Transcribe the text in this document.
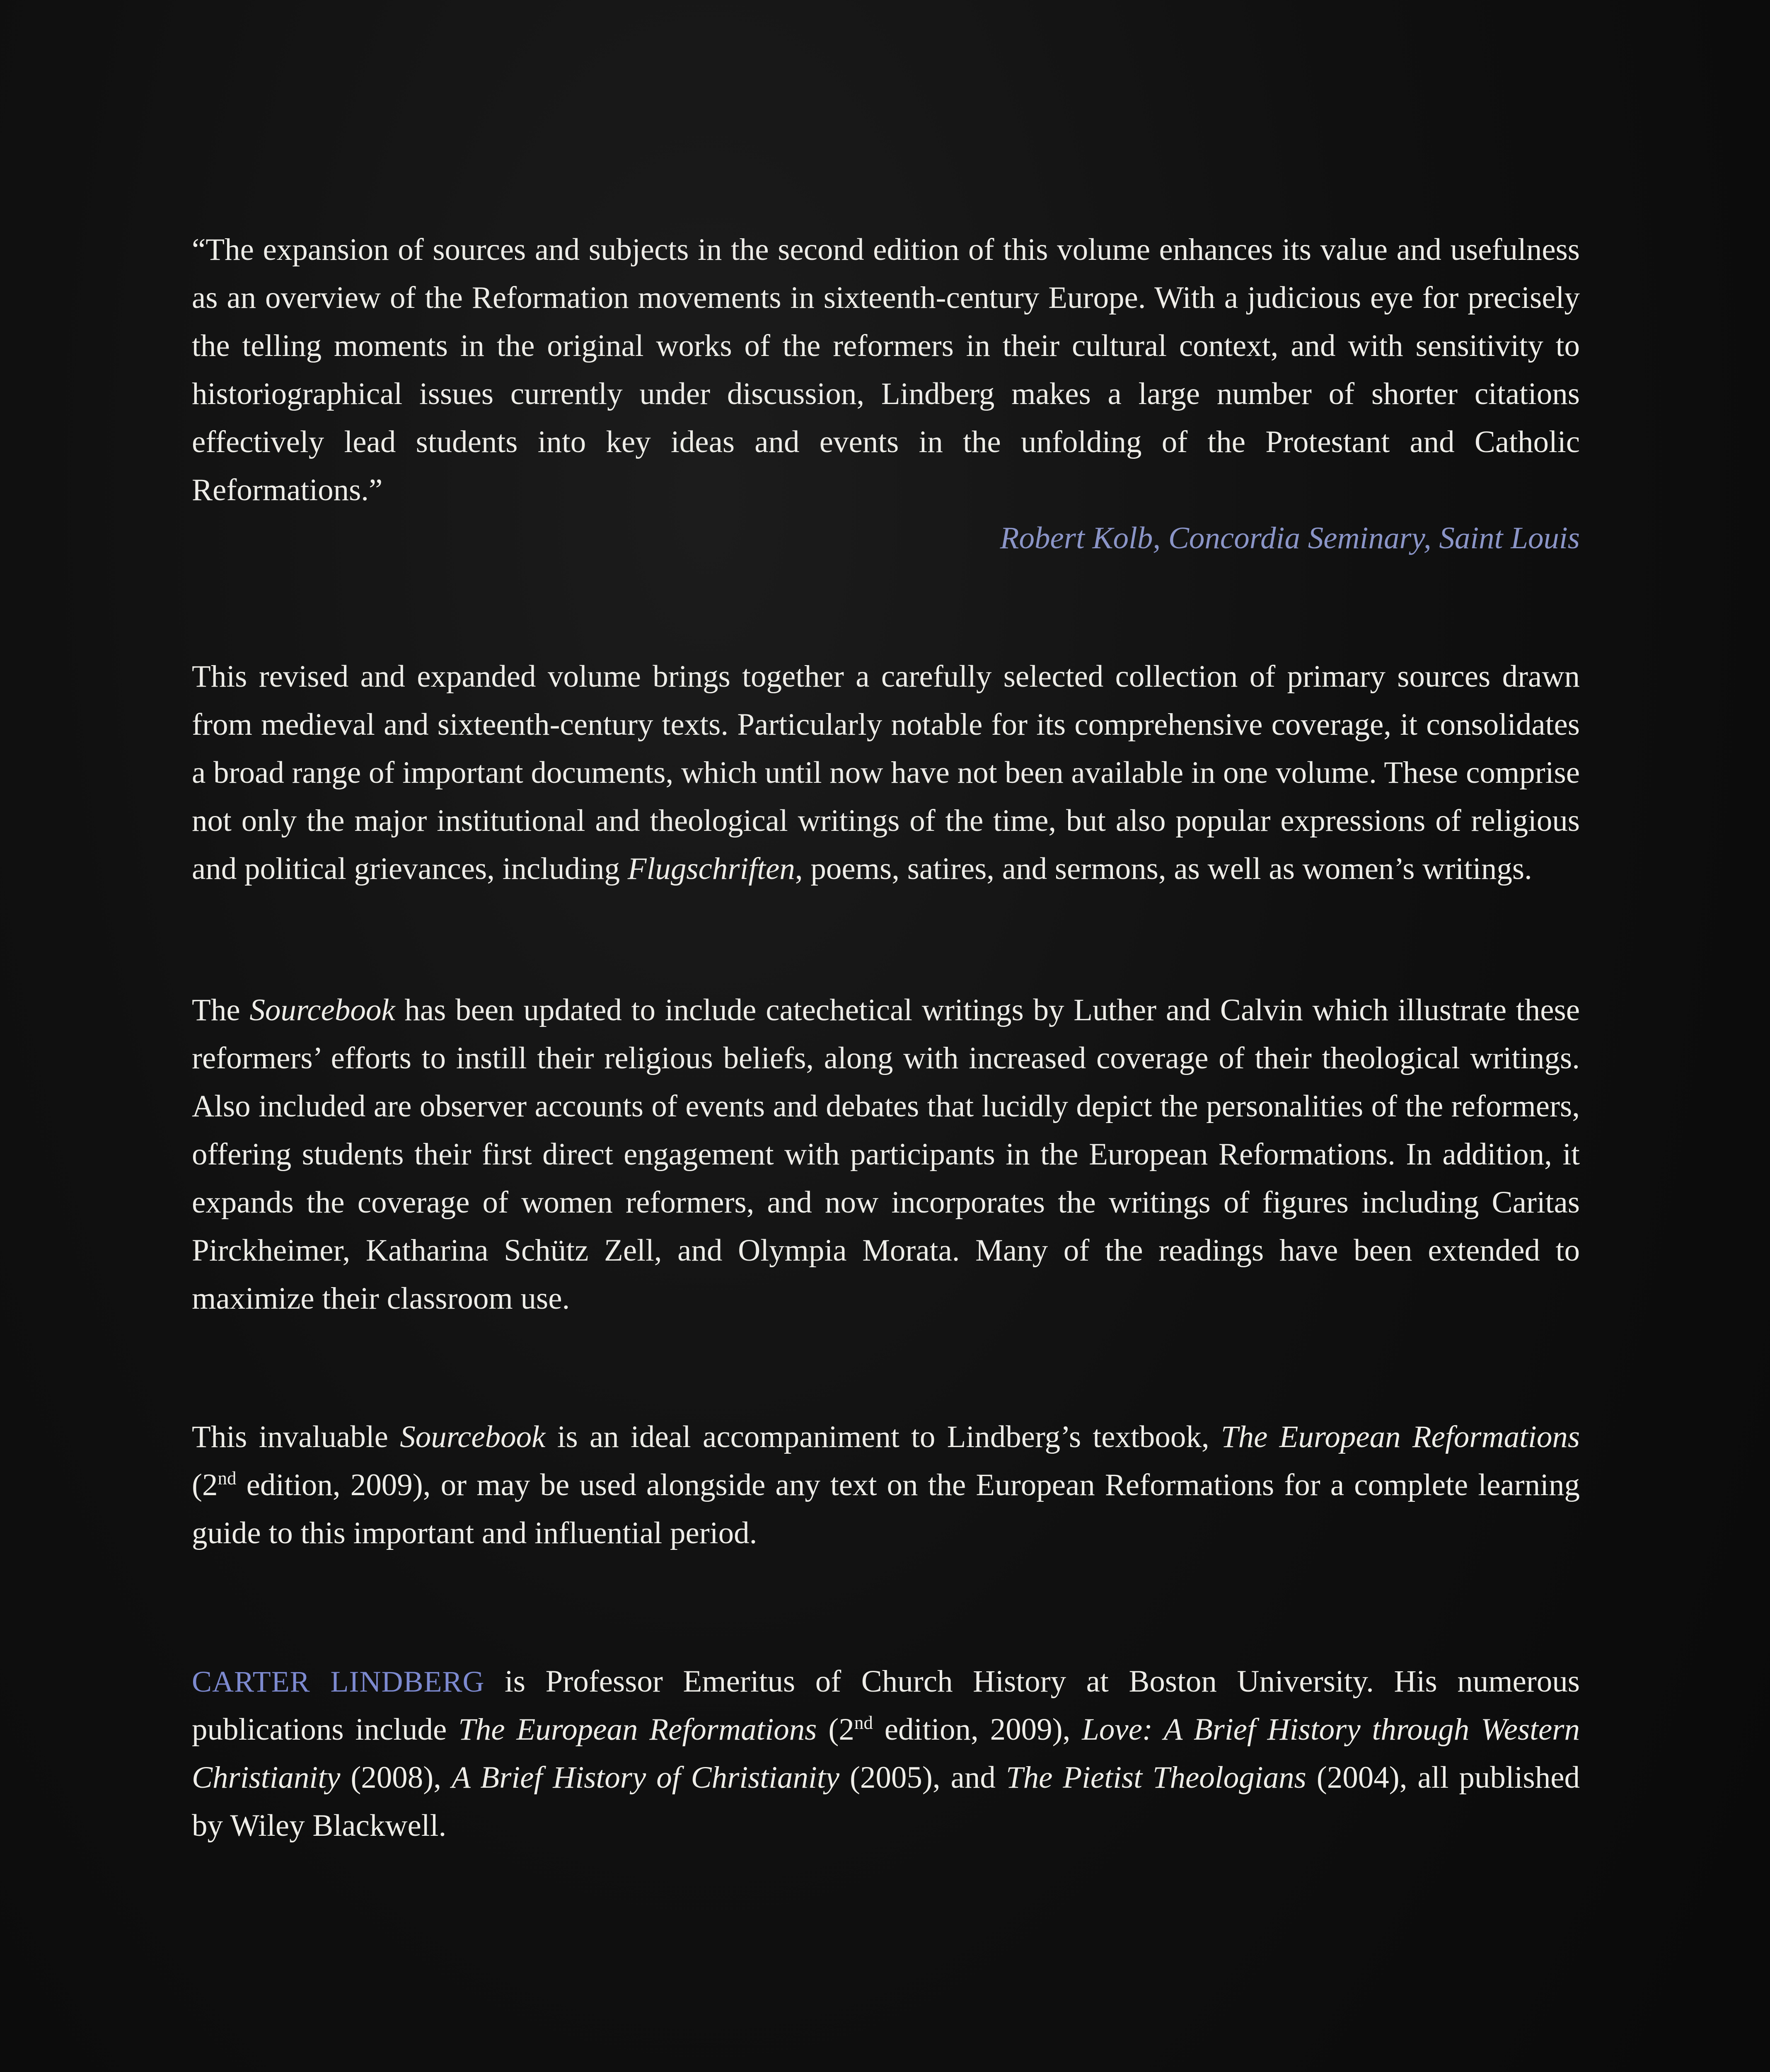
“The expansion of sources and subjects in the second edition of this volume enhances its value and usefulness as an overview of the Reformation movements in sixteenth-century Europe. With a judicious eye for precisely the telling moments in the original works of the reformers in their cultural context, and with sensitivity to historiographical issues currently under discussion, Lindberg makes a large number of shorter citations effectively lead students into key ideas and events in the unfolding of the Protestant and Catholic Reformations.”

Robert Kolb, Concordia Seminary, Saint Louis

This revised and expanded volume brings together a carefully selected collection of primary sources drawn from medieval and sixteenth-century texts. Particularly notable for its comprehensive coverage, it consolidates a broad range of important documents, which until now have not been available in one volume. These comprise not only the major institutional and theological writings of the time, but also popular expressions of religious and political grievances, including Flugschriften, poems, satires, and sermons, as well as women’s writings.

The Sourcebook has been updated to include catechetical writings by Luther and Calvin which illustrate these reformers’ efforts to instill their religious beliefs, along with increased coverage of their theological writings. Also included are observer accounts of events and debates that lucidly depict the personalities of the reformers, offering students their first direct engagement with participants in the European Reformations. In addition, it expands the coverage of women reformers, and now incorporates the writings of figures including Caritas Pirckheimer, Katharina Schütz Zell, and Olympia Morata. Many of the readings have been extended to maximize their classroom use.

This invaluable Sourcebook is an ideal accompaniment to Lindberg’s textbook, The European Reformations (2nd edition, 2009), or may be used alongside any text on the European Reformations for a complete learning guide to this important and influential period.

CARTER LINDBERG is Professor Emeritus of Church History at Boston University. His numerous publications include The European Reformations (2nd edition, 2009), Love: A Brief History through Western Christianity (2008), A Brief History of Christianity (2005), and The Pietist Theologians (2004), all published by Wiley Blackwell.
